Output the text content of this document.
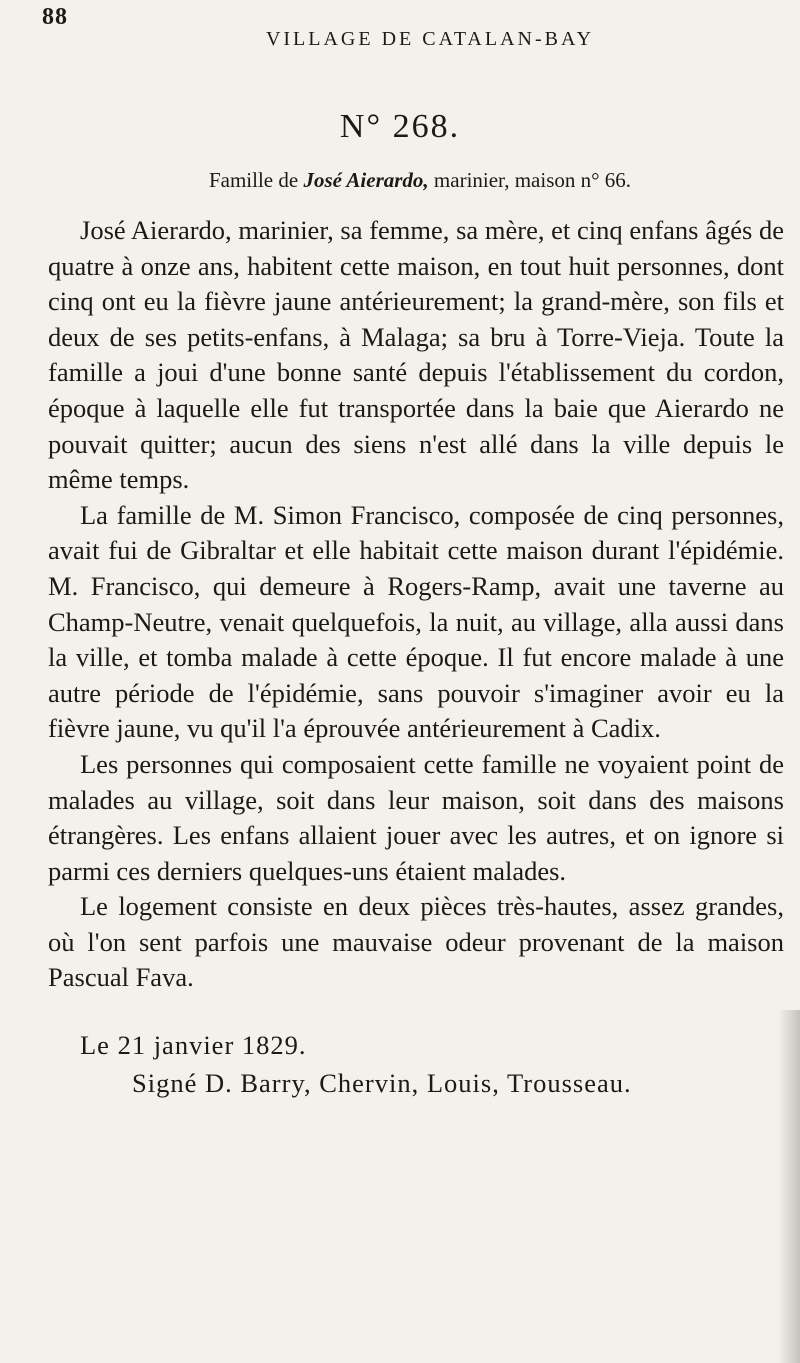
88
VILLAGE DE CATALAN-BAY
N° 268.
Famille de José Aierardo, marinier, maison n° 66.

José Aierardo, marinier, sa femme, sa mère, et cinq enfans âgés de quatre à onze ans, habitent cette maison, en tout huit personnes, dont cinq ont eu la fièvre jaune antérieurement; la grand-mère, son fils et deux de ses petits-enfans, à Malaga; sa bru à Torre-Vieja. Toute la famille a joui d'une bonne santé depuis l'établissement du cordon, époque à laquelle elle fut transportée dans la baie que Aierardo ne pouvait quitter; aucun des siens n'est allé dans la ville depuis le même temps.

La famille de M. Simon Francisco, composée de cinq personnes, avait fui de Gibraltar et elle habitait cette maison durant l'épidémie. M. Francisco, qui demeure à Rogers-Ramp, avait une taverne au Champ-Neutre, venait quelquefois, la nuit, au village, alla aussi dans la ville, et tomba malade à cette époque. Il fut encore malade à une autre période de l'épidémie, sans pouvoir s'imaginer avoir eu la fièvre jaune, vu qu'il l'a éprouvée antérieurement à Cadix.

Les personnes qui composaient cette famille ne voyaient point de malades au village, soit dans leur maison, soit dans des maisons étrangères. Les enfans allaient jouer avec les autres, et on ignore si parmi ces derniers quelques-uns étaient malades.

Le logement consiste en deux pièces très-hautes, assez grandes, où l'on sent parfois une mauvaise odeur provenant de la maison Pascual Fava.

Le 21 janvier 1829.
Signé D. Barry, Chervin, Louis, Trousseau.
